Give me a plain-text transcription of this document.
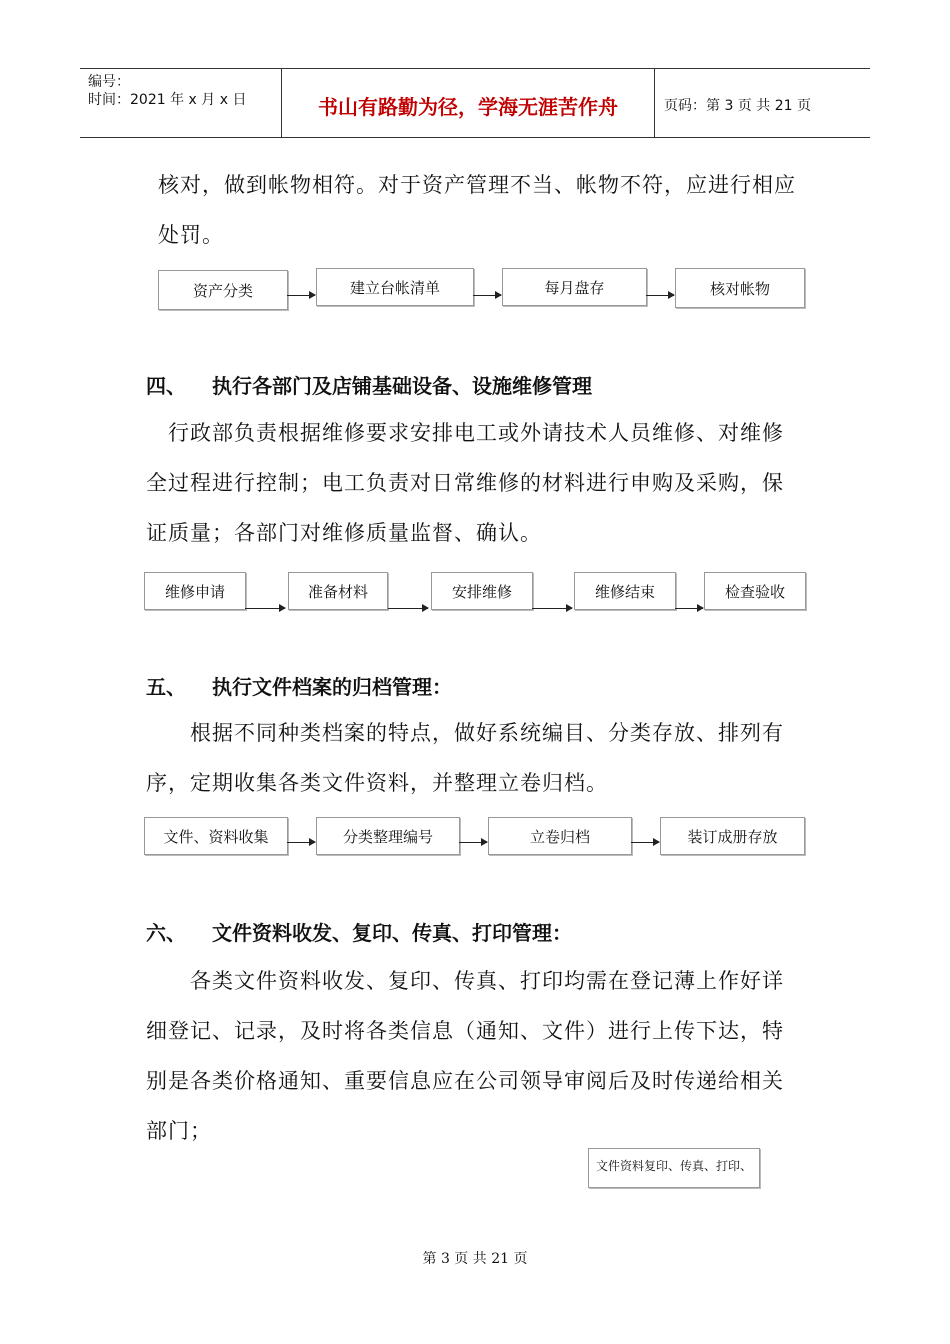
编号：
时间：2021 年 x 月 x 日	书山有路勤为径，学海无涯苦作舟	页码：第 3 页 共 21 页
核对，做到帐物相符。对于资产管理不当、帐物不符，应进行相应
处罚。
资产分类	建立台帐清单	每月盘存	核对帐物
四、 执行各部门及店铺基础设备、设施维修管理
行政部负责根据维修要求安排电工或外请技术人员维修、对维修
全过程进行控制；电工负责对日常维修的材料进行申购及采购，保
证质量；各部门对维修质量监督、确认。
维修申请	准备材料	安排维修	维修结束	检查验收
五、 执行文件档案的归档管理：
根据不同种类档案的特点，做好系统编目、分类存放、排列有
序，定期收集各类文件资料，并整理立卷归档。
文件、资料收集	分类整理编号	立卷归档	装订成册存放
六、 文件资料收发、复印、传真、打印管理：
各类文件资料收发、复印、传真、打印均需在登记薄上作好详
细登记、记录，及时将各类信息（通知、文件）进行上传下达，特
别是各类价格通知、重要信息应在公司领导审阅后及时传递给相关
部门；
文件资料复印、传真、打印、
第 3 页 共 21 页
